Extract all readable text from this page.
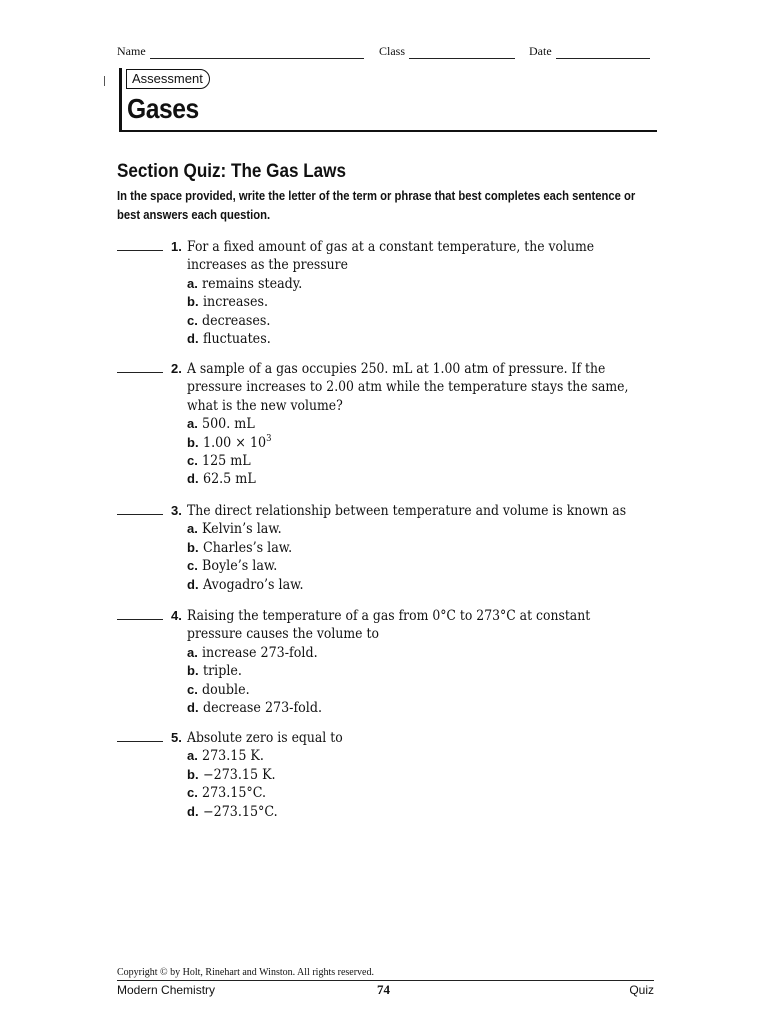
Name	Class	Date
Assessment
Gases
Section Quiz: The Gas Laws
In the space provided, write the letter of the term or phrase that best completes each sentence or best answers each question.
1. For a fixed amount of gas at a constant temperature, the volume increases as the pressure
a. remains steady.
b. increases.
c. decreases.
d. fluctuates.
2. A sample of a gas occupies 250. mL at 1.00 atm of pressure. If the pressure increases to 2.00 atm while the temperature stays the same, what is the new volume?
a. 500. mL
b. $1.00 \times 10^3$
c. 125 mL
d. 62.5 mL
3. The direct relationship between temperature and volume is known as
a. Kelvin’s law.
b. Charles’s law.
c. Boyle’s law.
d. Avogadro’s law.
4. Raising the temperature of a gas from 0°C to 273°C at constant pressure causes the volume to
a. increase 273-fold.
b. triple.
c. double.
d. decrease 273-fold.
5. Absolute zero is equal to
a. 273.15 K.
b. −273.15 K.
c. 273.15°C.
d. −273.15°C.
Copyright © by Holt, Rinehart and Winston. All rights reserved.
Modern Chemistry	74	Quiz
